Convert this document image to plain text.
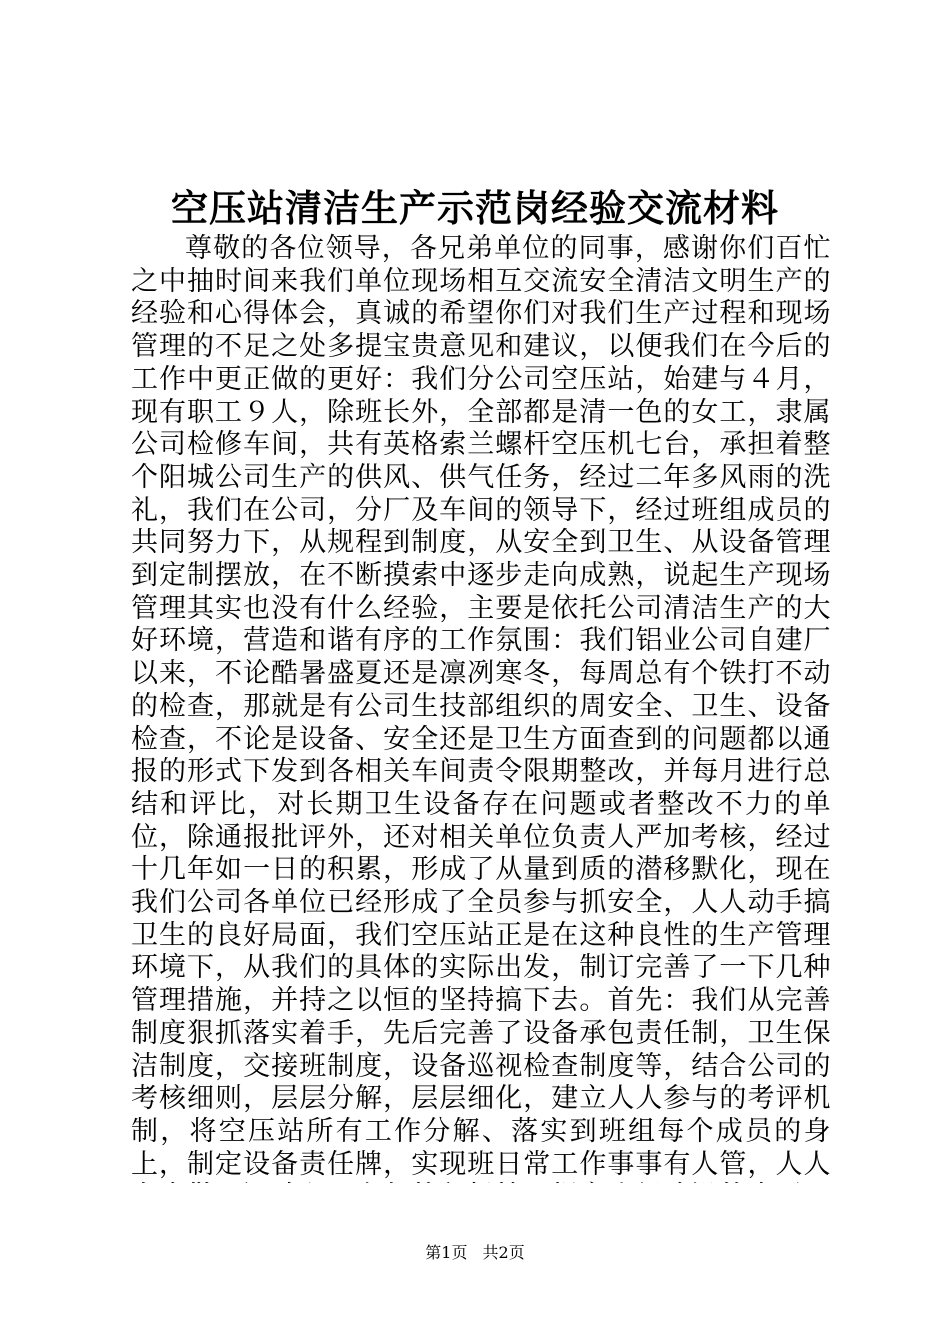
空压站清洁生产示范岗经验交流材料

尊敬的各位领导，各兄弟单位的同事，感谢你们百忙之中抽时间来我们单位现场相互交流安全清洁文明生产的经验和心得体会，真诚的希望你们对我们生产过程和现场管理的不足之处多提宝贵意见和建议，以便我们在今后的工作中更正做的更好：我们分公司空压站，始建与４月，现有职工９人，除班长外，全部都是清一色的女工，隶属公司检修车间，共有英格索兰螺杆空压机七台，承担着整个阳城公司生产的供风、供气任务，经过二年多风雨的洗礼，我们在公司，分厂及车间的领导下，经过班组成员的共同努力下，从规程到制度，从安全到卫生、从设备管理到定制摆放，在不断摸索中逐步走向成熟，说起生产现场管理其实也没有什么经验，主要是依托公司清洁生产的大好环境，营造和谐有序的工作氛围：我们铝业公司自建厂以来，不论酷暑盛夏还是凛冽寒冬，每周总有个铁打不动的检查，那就是有公司生技部组织的周安全、卫生、设备检查，不论是设备、安全还是卫生方面查到的问题都以通报的形式下发到各相关车间责令限期整改，并每月进行总结和评比，对长期卫生设备存在问题或者整改不力的单位，除通报批评外，还对相关单位负责人严加考核，经过十几年如一日的积累，形成了从量到质的潜移默化，现在我们公司各单位已经形成了全员参与抓安全，人人动手搞卫生的良好局面，我们空压站正是在这种良性的生产管理环境下，从我们的具体的实际出发，制订完善了一下几种管理措施，并持之以恒的坚持搞下去。首先：我们从完善制度狠抓落实着手，先后完善了设备承包责任制，卫生保洁制度，交接班制度，设备巡视检查制度等，结合公司的考核细则，层层分解，层层细化，建立人人参与的考评机制，将空压站所有工作分解、落实到班组每个成员的身上，制定设备责任牌，实现班日常工作事事有人管，人人

第1页 共2页
